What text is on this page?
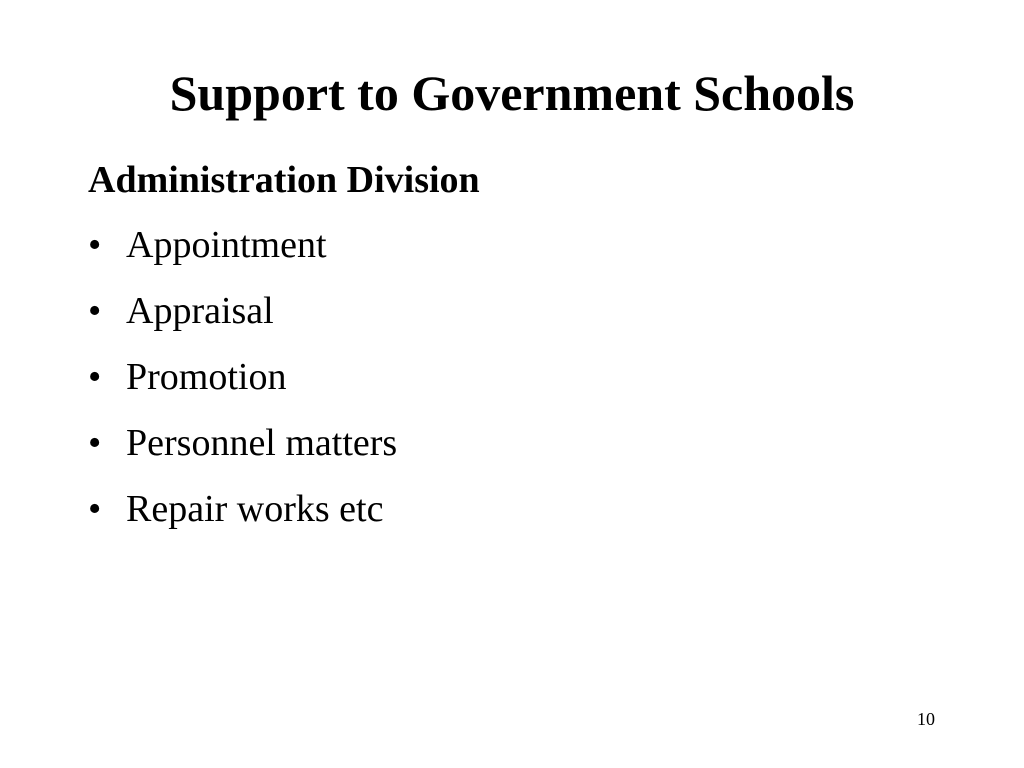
Support to Government Schools

Administration Division

• Appointment
• Appraisal
• Promotion
• Personnel matters
• Repair works etc
10
